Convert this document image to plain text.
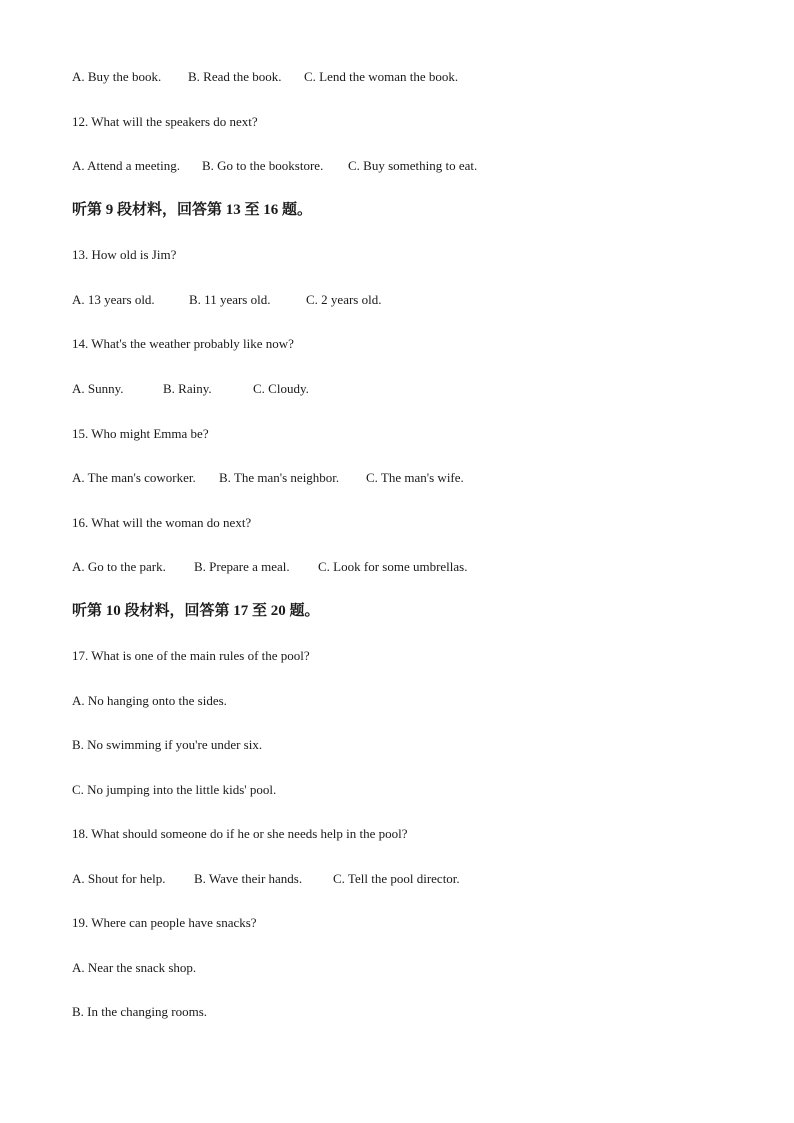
A. Buy the book. B. Read the book. C. Lend the woman the book.
12. What will the speakers do next?
A. Attend a meeting. B. Go to the bookstore. C. Buy something to eat.
听第 9 段材料，回答第 13 至 16 题。
13. How old is Jim?
A. 13 years old.	B. 11 years old.	C. 2 years old.
14. What's the weather probably like now?
A. Sunny.	B. Rainy.	C. Cloudy.
15. Who might Emma be?
A. The man's coworker. B. The man's neighbor. C. The man's wife.
16. What will the woman do next?
A. Go to the park. B. Prepare a meal. C. Look for some umbrellas.
听第 10 段材料，回答第 17 至 20 题。
17. What is one of the main rules of the pool?
A. No hanging onto the sides.
B. No swimming if you're under six.
C. No jumping into the little kids' pool.
18. What should someone do if he or she needs help in the pool?
A. Shout for help. B. Wave their hands. C. Tell the pool director.
19. Where can people have snacks?
A. Near the snack shop.
B. In the changing rooms.
